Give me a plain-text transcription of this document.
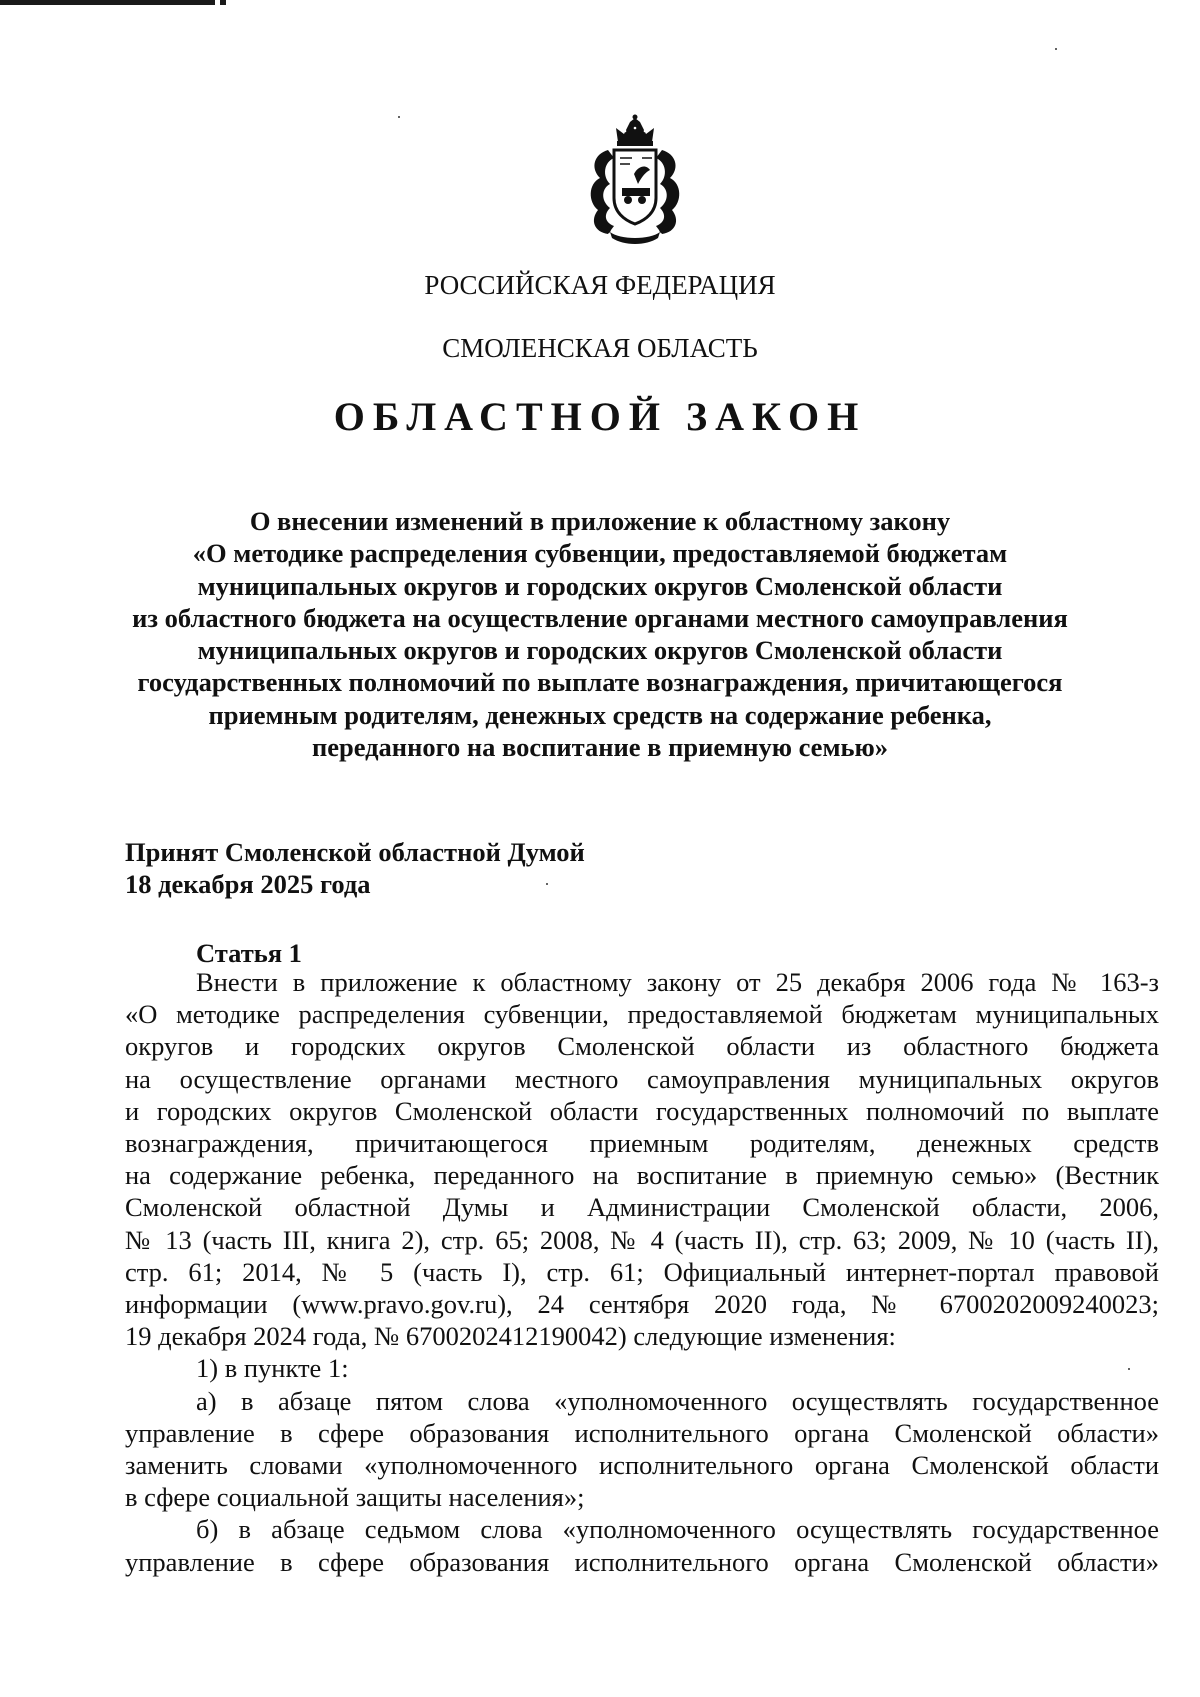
РОССИЙСКАЯ ФЕДЕРАЦИЯ
СМОЛЕНСКАЯ ОБЛАСТЬ
ОБЛАСТНОЙ ЗАКОН
О внесении изменений в приложение к областному закону
«О методике распределения субвенции, предоставляемой бюджетам
муниципальных округов и городских округов Смоленской области
из областного бюджета на осуществление органами местного самоуправления
муниципальных округов и городских округов Смоленской области
государственных полномочий по выплате вознаграждения, причитающегося
приемным родителям, денежных средств на содержание ребенка,
переданного на воспитание в приемную семью»
Принят Смоленской областной Думой
18 декабря 2025 года
Статья 1
Внести в приложение к областному закону от 25 декабря 2006 года № 163-з
«О методике распределения субвенции, предоставляемой бюджетам муниципальных
округов и городских округов Смоленской области из областного бюджета
на осуществление органами местного самоуправления муниципальных округов
и городских округов Смоленской области государственных полномочий по выплате
вознаграждения, причитающегося приемным родителям, денежных средств
на содержание ребенка, переданного на воспитание в приемную семью» (Вестник
Смоленской областной Думы и Администрации Смоленской области, 2006,
№ 13 (часть III, книга 2), стр. 65; 2008, № 4 (часть II), стр. 63; 2009, № 10 (часть II),
стр. 61; 2014, № 5 (часть I), стр. 61; Официальный интернет-портал правовой
информации (www.pravo.gov.ru), 24 сентября 2020 года, № 6700202009240023;
19 декабря 2024 года, № 6700202412190042) следующие изменения:
1) в пункте 1:
а) в абзаце пятом слова «уполномоченного осуществлять государственное
управление в сфере образования исполнительного органа Смоленской области»
заменить словами «уполномоченного исполнительного органа Смоленской области
в сфере социальной защиты населения»;
б) в абзаце седьмом слова «уполномоченного осуществлять государственное
управление в сфере образования исполнительного органа Смоленской области»
